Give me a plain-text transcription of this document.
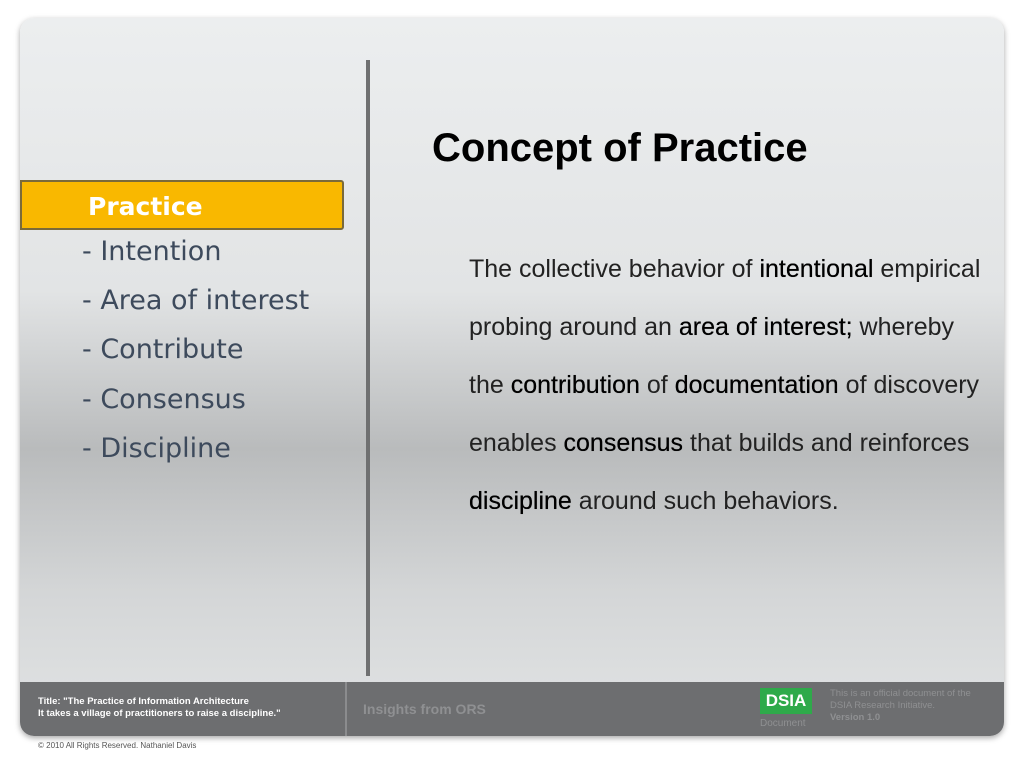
Concept of Practice
Practice
- Intention
- Area of interest
- Contribute
- Consensus
- Discipline
The collective behavior of intentional empirical probing around an area of interest; whereby the contribution of documentation of discovery enables consensus that builds and reinforces discipline around such behaviors.
Title: "The Practice of Information Architecture
It takes a village of practitioners to raise a discipline."	Insights from ORS	DSIA
Document
This is an official document of the
DSIA Research Initiative.
Version 1.0
© 2010 All Rights Reserved. Nathaniel Davis
